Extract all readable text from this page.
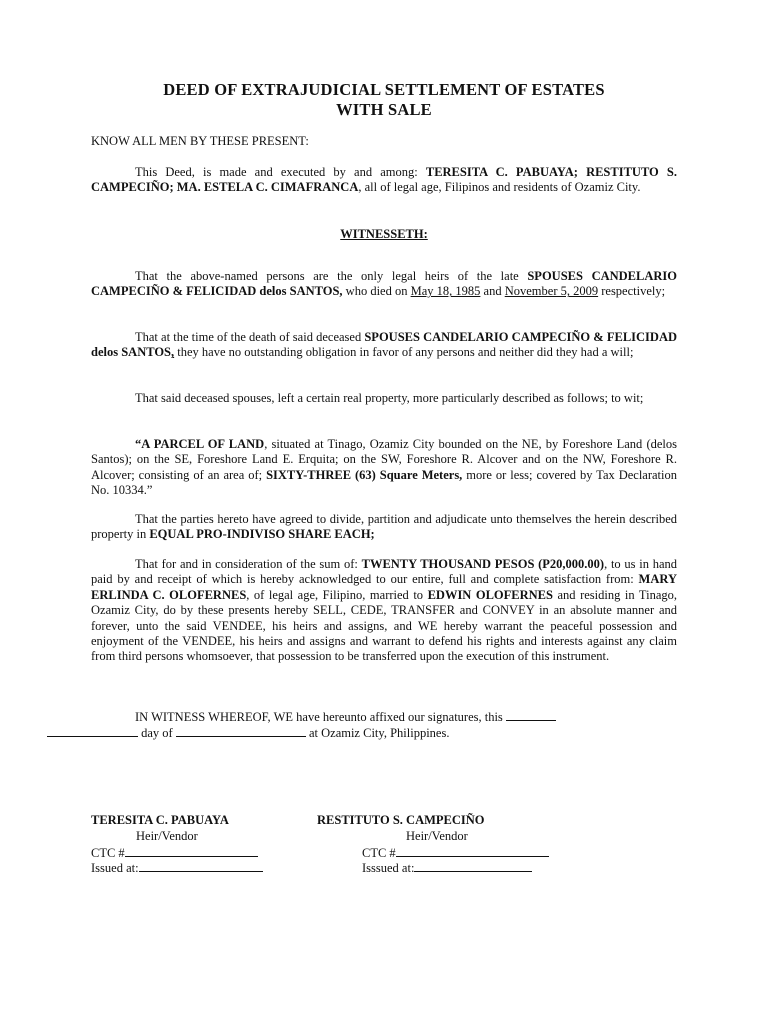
DEED OF EXTRAJUDICIAL SETTLEMENT OF ESTATES
WITH SALE

KNOW ALL MEN BY THESE PRESENT:

This Deed, is made and executed by and among: TERESITA C. PABUAYA; RESTITUTO S. CAMPECIÑO; MA. ESTELA C. CIMAFRANCA, all of legal age, Filipinos and residents of Ozamiz City.

WITNESSETH:

That the above-named persons are the only legal heirs of the late SPOUSES CANDELARIO CAMPECIÑO & FELICIDAD delos SANTOS, who died on May 18, 1985 and November 5, 2009 respectively;

That at the time of the death of said deceased SPOUSES CANDELARIO CAMPECIÑO & FELICIDAD delos SANTOS, they have no outstanding obligation in favor of any persons and neither did they had a will;

That said deceased spouses, left a certain real property, more particularly described as follows; to wit;

“A PARCEL OF LAND, situated at Tinago, Ozamiz City bounded on the NE, by Foreshore Land (delos Santos); on the SE, Foreshore Land E. Erquita; on the SW, Foreshore R. Alcover and on the NW, Foreshore R. Alcover; consisting of an area of; SIXTY-THREE (63) Square Meters, more or less; covered by Tax Declaration No. 10334.”

That the parties hereto have agreed to divide, partition and adjudicate unto themselves the herein described property in EQUAL PRO-INDIVISO SHARE EACH;

That for and in consideration of the sum of: TWENTY THOUSAND PESOS (P20,000.00), to us in hand paid by and receipt of which is hereby acknowledged to our entire, full and complete satisfaction from: MARY ERLINDA C. OLOFERNES, of legal age, Filipino, married to EDWIN OLOFERNES and residing in Tinago, Ozamiz City, do by these presents hereby SELL, CEDE, TRANSFER and CONVEY in an absolute manner and forever, unto the said VENDEE, his heirs and assigns, and WE hereby warrant the peaceful possession and enjoyment of the VENDEE, his heirs and assigns and warrant to defend his rights and interests against any claim from third persons whomsoever, that possession to be transferred upon the execution of this instrument.

IN WITNESS WHEREOF, WE have hereunto affixed our signatures, this
day of	at Ozamiz City, Philippines.

TERESITA C. PABUAYA
Heir/Vendor
CTC #
Issued at:
RESTITUTO S. CAMPECIÑO
Heir/Vendor
CTC #
Isssued at:
